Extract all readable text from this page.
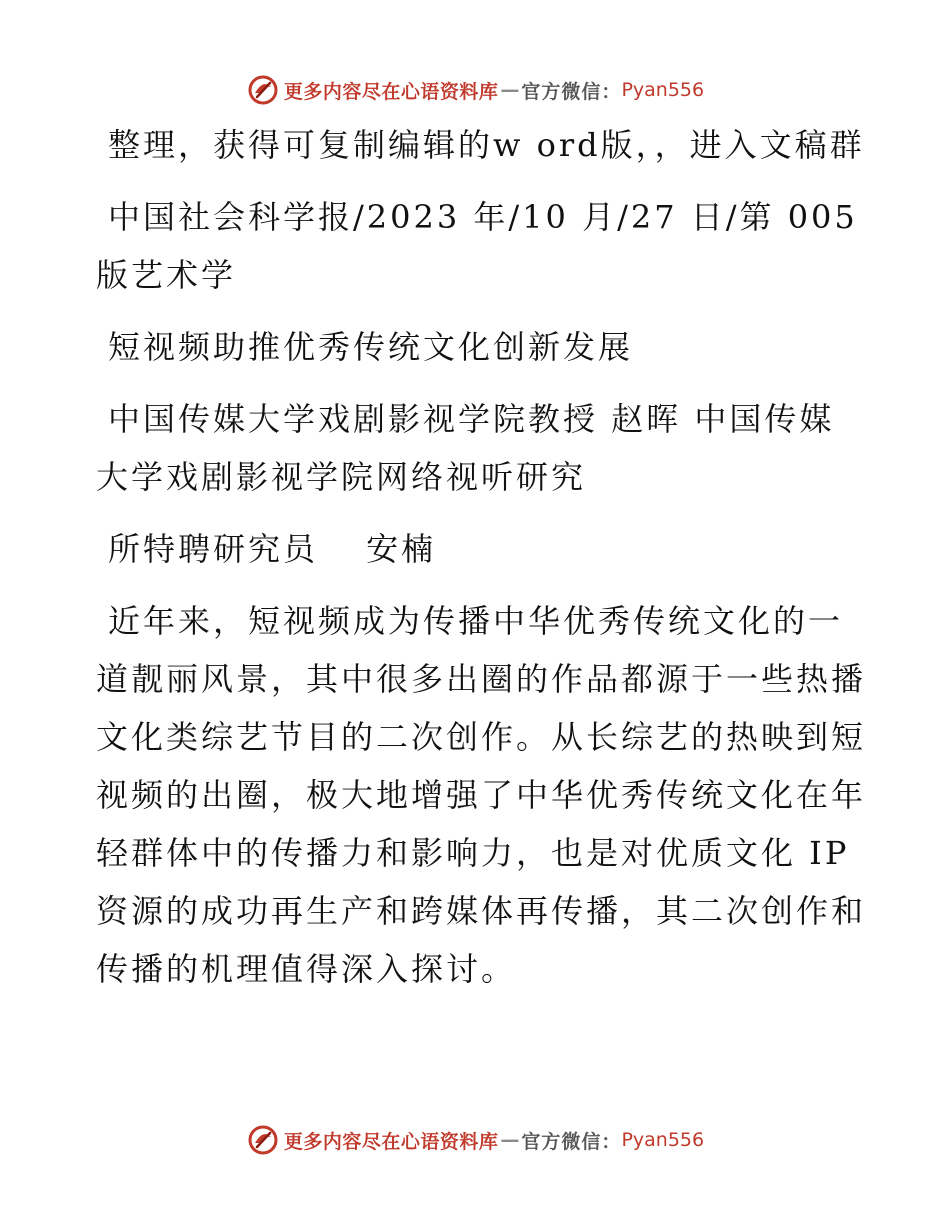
更多内容尽在心语资料库 — 官方微信： Pyan556

整理，获得可复制编辑的w ord版，，进入文稿群

中国社会科学报/2023 年/10 月/27 日/第 005 版艺术学

短视频助推优秀传统文化创新发展

中国传媒大学戏剧影视学院教授 赵晖 中国传媒大学戏剧影视学院网络视听研究

所特聘研究员　 安楠

近年来，短视频成为传播中华优秀传统文化的一道靓丽风景，其中很多出圈的作品都源于一些热播文化类综艺节目的二次创作。从长综艺的热映到短视频的出圈，极大地增强了中华优秀传统文化在年轻群体中的传播力和影响力，也是对优质文化 IP 资源的成功再生产和跨媒体再传播，其二次创作和传播的机理值得深入探讨。

更多内容尽在心语资料库 — 官方微信： Pyan556
